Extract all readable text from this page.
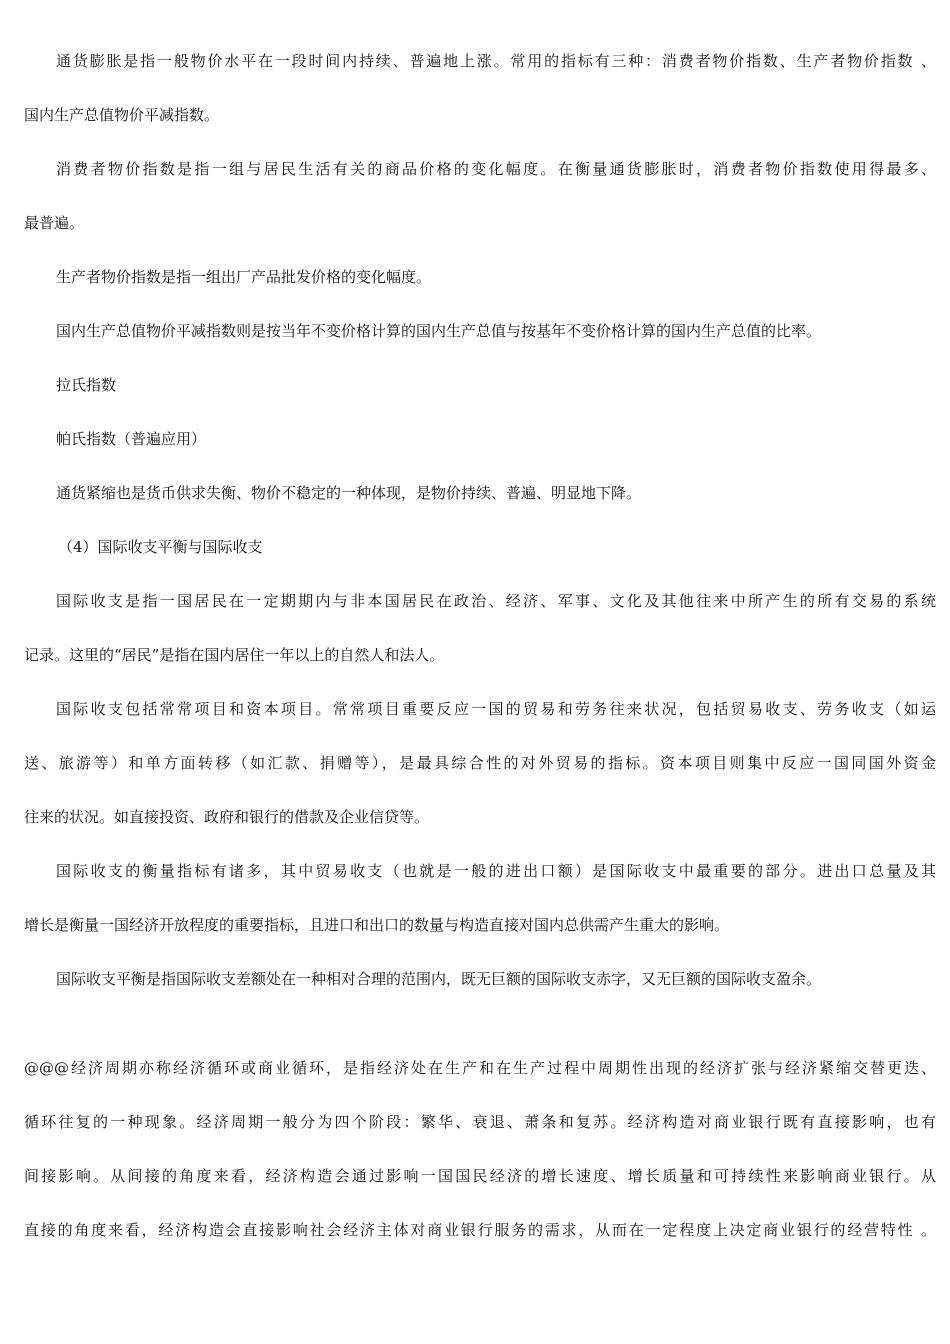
通货膨胀是指一般物价水平在一段时间内持续、普遍地上涨。常用的指标有三种：消费者物价指数、生产者物价指数 、
国内生产总值物价平减指数。
消费者物价指数是指一组与居民生活有关的商品价格的变化幅度。在衡量通货膨胀时，消费者物价指数使用得最多、
最普遍。
生产者物价指数是指一组出厂产品批发价格的变化幅度。
国内生产总值物价平减指数则是按当年不变价格计算的国内生产总值与按基年不变价格计算的国内生产总值的比率。
拉氏指数
帕氏指数（普遍应用）
通货紧缩也是货币供求失衡、物价不稳定的一种体现，是物价持续、普遍、明显地下降。
（4）国际收支平衡与国际收支
国际收支是指一国居民在一定期期内与非本国居民在政治、经济、军事、文化及其他往来中所产生的所有交易的系统
记录。这里的“居民”是指在国内居住一年以上的自然人和法人。
国际收支包括常常项目和资本项目。常常项目重要反应一国的贸易和劳务往来状况，包括贸易收支、劳务收支（如运
送、旅游等）和单方面转移（如汇款、捐赠等），是最具综合性的对外贸易的指标。资本项目则集中反应一国同国外资金
往来的状况。如直接投资、政府和银行的借款及企业信贷等。
国际收支的衡量指标有诸多，其中贸易收支（也就是一般的进出口额）是国际收支中最重要的部分。进出口总量及其
增长是衡量一国经济开放程度的重要指标，且进口和出口的数量与构造直接对国内总供需产生重大的影响。
国际收支平衡是指国际收支差额处在一种相对合理的范围内，既无巨额的国际收支赤字，又无巨额的国际收支盈余。
@@@经济周期亦称经济循环或商业循环，是指经济处在生产和在生产过程中周期性出现的经济扩张与经济紧缩交替更迭、
循环往复的一种现象。经济周期一般分为四个阶段：繁华、衰退、萧条和复苏。经济构造对商业银行既有直接影响，也有
间接影响。从间接的角度来看，经济构造会通过影响一国国民经济的增长速度、增长质量和可持续性来影响商业银行。从
直接的角度来看，经济构造会直接影响社会经济主体对商业银行服务的需求，从而在一定程度上决定商业银行的经营特性 。
